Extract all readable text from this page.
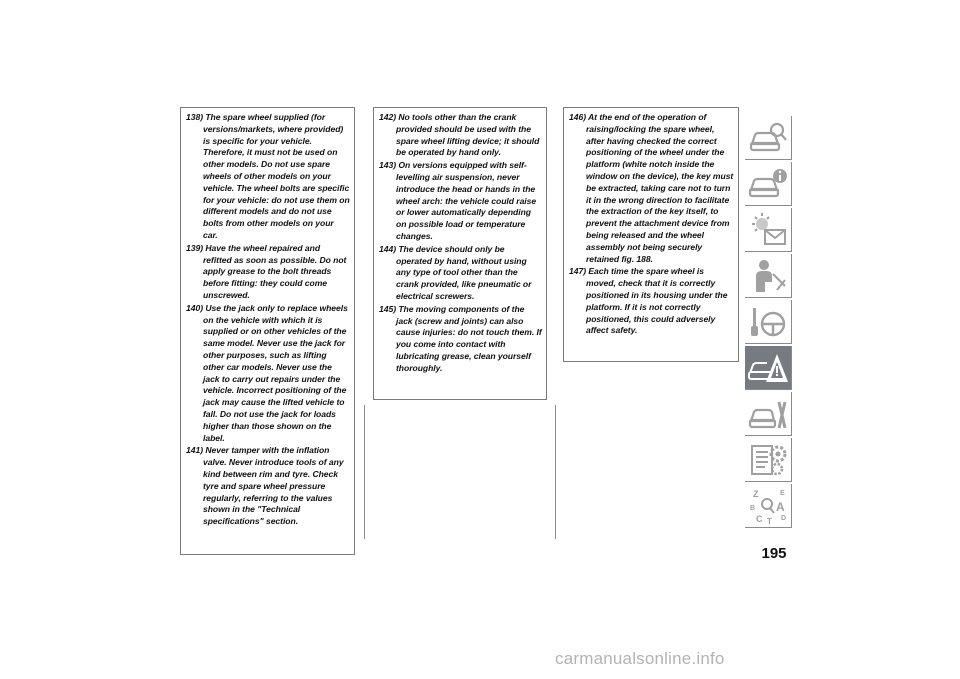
138) The spare wheel supplied (for versions/markets, where provided) is specific for your vehicle. Therefore, it must not be used on other models. Do not use spare wheels of other models on your vehicle. The wheel bolts are specific for your vehicle: do not use them on different models and do not use bolts from other models on your car.

139) Have the wheel repaired and refitted as soon as possible. Do not apply grease to the bolt threads before fitting: they could come unscrewed.

140) Use the jack only to replace wheels on the vehicle with which it is supplied or on other vehicles of the same model. Never use the jack for other purposes, such as lifting other car models. Never use the jack to carry out repairs under the vehicle. Incorrect positioning of the jack may cause the lifted vehicle to fall. Do not use the jack for loads higher than those shown on the label.

141) Never tamper with the inflation valve. Never introduce tools of any kind between rim and tyre. Check tyre and spare wheel pressure regularly, referring to the values shown in the "Technical specifications" section.

142) No tools other than the crank provided should be used with the spare wheel lifting device; it should be operated by hand only.

143) On versions equipped with self-levelling air suspension, never introduce the head or hands in the wheel arch: the vehicle could raise or lower automatically depending on possible load or temperature changes.

144) The device should only be operated by hand, without using any type of tool other than the crank provided, like pneumatic or electrical screwers.

145) The moving components of the jack (screw and joints) can also cause injuries: do not touch them. If you come into contact with lubricating grease, clean yourself thoroughly.

146) At the end of the operation of raising/locking the spare wheel, after having checked the correct positioning of the wheel under the platform (white notch inside the window on the device), the key must be extracted, taking care not to turn it in the wrong direction to facilitate the extraction of the key itself, to prevent the attachment device from being released and the wheel assembly not being securely retained fig. 188.

147) Each time the spare wheel is moved, check that it is correctly positioned in its housing under the platform. If it is not correctly positioned, this could adversely affect safety.

Z	E
B A
C T D
195
carmanualsonline.info
